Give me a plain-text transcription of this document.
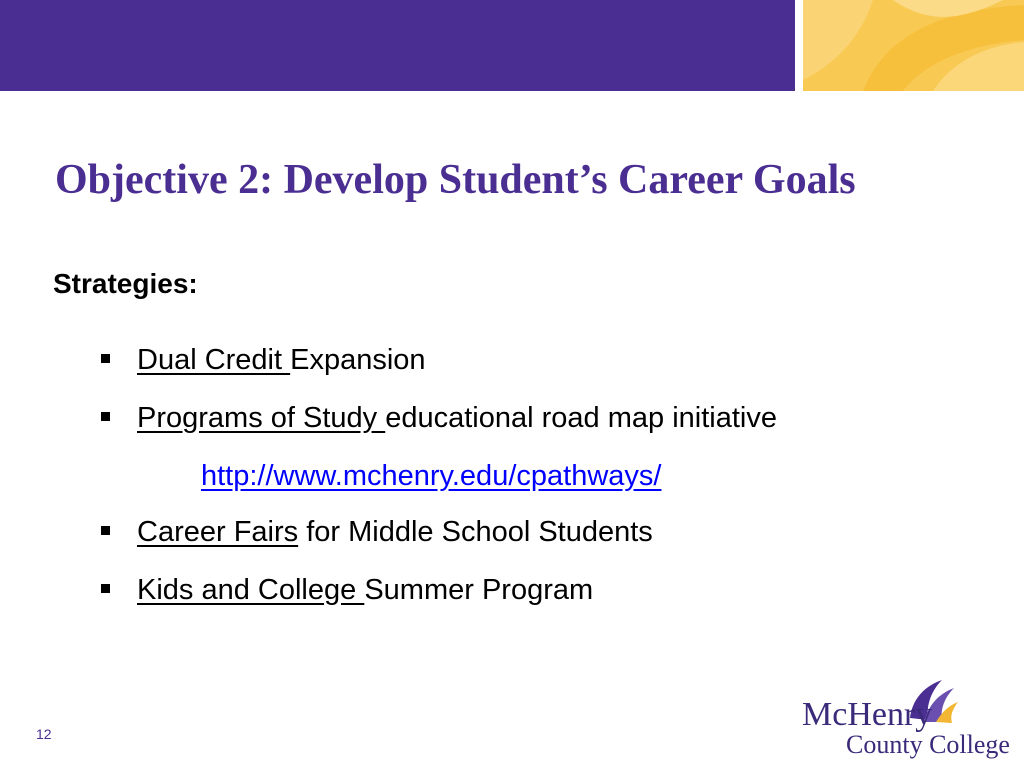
Objective 2: Develop Student’s Career Goals
Strategies:
Dual Credit Expansion
Programs of Study educational road map initiative
http://www.mchenry.edu/cpathways/
Career Fairs for Middle School Students
Kids and College Summer Program
12
McHenry
County College
